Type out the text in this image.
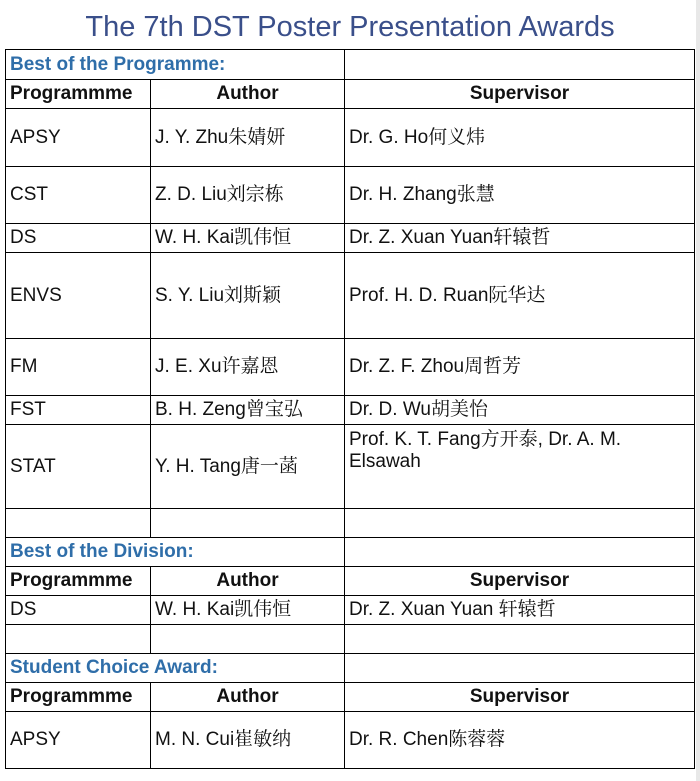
The 7th DST Poster Presentation Awards
Best of the Programme:		
Programmme	Author	Supervisor
APSY	J. Y. Zhu朱婧妍	Dr. G. Ho何义炜
CST	Z. D. Liu刘宗栋	Dr. H. Zhang张慧
DS	W. H. Kai凯伟恒	Dr. Z. Xuan Yuan轩辕哲
ENVS	S. Y. Liu刘斯颖	Prof. H. D. Ruan阮华达
FM	J. E. Xu许嘉恩	Dr. Z. F. Zhou周哲芳
FST	B. H. Zeng曾宝弘	Dr. D. Wu胡美怡
STAT	Y. H. Tang唐一菡	Prof. K. T. Fang方开泰, Dr. A. M. Elsawah

Best of the Division:		
Programmme	Author	Supervisor
DS	W. H. Kai凯伟恒	Dr. Z. Xuan Yuan 轩辕哲

Student Choice Award:		
Programmme	Author	Supervisor
APSY	M. N. Cui崔敏纳	Dr. R. Chen陈蓉蓉
